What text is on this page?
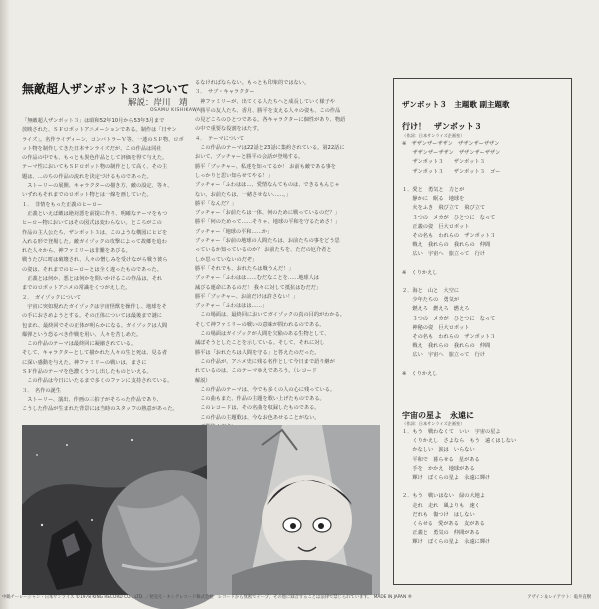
無敵超人ザンボット３について
解説：岸川　靖
OSAMU KISHIKAWA

「無敵超人ザンボット３」は昭和52年10月から53年3月まで

放映された、ＳＦロボットアニメーションである。制作は「日サン

ライズ」。名作ライディーン、コンバトラーＶ等、一連のＳＦ物、ロボ

ット物を制作してきた日本サンライズだが、この作品は同社

の作品の中でも、もっとも異色作品として評価を得て与えた。

テーマ性においてもＳＦロボット物の制作として高く、その主

題は、…のちの作品の流れを決定づけるものであった。

　ストーリーの展開、キャラクターの描き方、敵の設定、等々、

いずれもそれまでのロボット物とは一線を画していた。

１．　非情をもった正義のヒーロー

　正義といえば敵は絶対悪を前提に作り、明確なテーマをもつ

ヒーロー物においてはその図式は変わらない。ところがこの

作品の主人公たち、ザンボット３は、このような構図にヒビを

入れる形で登場した。敵ガイゾックの攻撃によって故郷を追わ

れた人々から、神ファミリーは非難をあびる。

戦うたびに町は破壊され、人々の憎しみを受けながら戦う彼ら

の姿は、それまでのヒーローとは全く違ったものであった。

　正義とは何か、悪とは何かを問いかけるこの作品は、それ

までのロボットアニメの常識をくつがえした。

２．　ガイゾックについて

　宇宙に突如現れたガイゾックは宇宙怪獣を操作し、地球をそ

の手におさめようとする。その正体については最後まで謎に

包まれ、最終回でその正体が明らかになる。ガイゾックは人間

爆弾という恐るべき作戦を用い、人々を苦しめた。

　この作品のテーマは最終回に凝縮されている。

そして、キャラクターとして描かれた人々の生と死は、見る者

に深い感動を与えた。神ファミリーの戦いは、まさに

ＳＦ作品のテーマを色濃くうつし出したものといえる。

　この作品は今日にいたるまで多くのファンに支持されている。

３．　名作の誕生

　ストーリー、演出、作画の三拍子がそろった作品であり、

こうした作品が生まれた背景には当時のスタッフの熱意があった。

るなければならない。もっとも印象的ではない。

３．　サブ・キャラクター

　神ファミリーが、出てくる人たちへと成長していく様子や

、勝平の友人たち、香月、勝平を支える人々の姿も、この作品

の見どころのひとつである。各キャラクターに個性があり、物語

の中で重要な役割をはたす。

４．　テーマについて

　この作品のテーマは22話と23話に集約されている。第22話に

おいて、ブッチャーと勝平の会話が登場する。

勝平「ブッチャー、私達を知ってるか！ お前も敵である事を

しっかりと思い知らせてやる！」

ブッチャー「ふわはは…、愛情なんてものは、できるもんじゃ

ない。お前たちは、一緒させない……。」

勝平「なんだ？」

ブッチャー「お前たちは一体、何のために戦っているのだ？」

勝平「何のためって……そりゃ、地球の平和を守るためさ！」

ブッチャー「地球の平和……か」

ブッチャー「お前の地球の人間たちは、お前たちの事をどう思

っているか知っているのか？ お前たちを、ただの厄介者と

しか思っていないのだぞ」

勝平「それでも、おれたちは戦うんだ！」

ブッチャー「ふわはは……むだなことを……地球人は

滅びる運命にあるのだ！ 我々に対して抵抗はむだだ」

勝平「ブッチャー、お前だけは許さない！」

ブッチャー「ふわははは……」

　この場面は、最終回においてガイゾックの真の目的がわかる。

そして神ファミリーの戦いの意味が問われるのである。

　この場面はガイゾックが人間を欠陥のある生物として、

滅ぼそうとしたことを示している。そして、それに対し

勝平は「おれたちは人間を守る」と答えたのだった。

　この作品が、アニメ史に残る名作として今日まで語り継が

れているのは、このテーマゆえであろう。（レコード

解説）

　この作品のテーマは、今でも多くの人の心に残っている。

　この曲もまた、作品の主題を歌い上げたものである。

　このレコードは、その名曲を収録したものである。

　この作品の主題歌は、今なお色あせることがない。

ザンボット３　主題歌 副主題歌
行け！　ザンボット３
（作詞：日本サンライズ企画室）
※　ザザンザーザザン　ザザンザーザザン
　　ザザンザーザザン　ザザンザーザザン
　　ザンボット３　　ザンボット３
　　ザンボット３　　ザンボット３　ゴー
１．愛と　勇気と　力とが
　　静かに　眠る　地球を
　　火をふき　飛び立て　飛び立て
　　３つの　メカが　ひとつに　なって
　　正義の姿　巨大ロボット
　　その名も　われらの　ザンボット３
　　戦え　我れらの　我れらの　仲間
　　広い　宇宙へ　旅立って　行け
※　くりかえし
２．海と　山と　大空に
　　少年たちの　勇気が
　　燃えろ　燃えろ　燃えろ
　　３つの　メカが　ひとつに　なって
　　神秘の姿　巨大ロボット
　　その名も　われらの　ザンボット３
　　戦え　我れらの　我れらの　仲間
　　広い　宇宙へ　旅立って　行け
※　くりかえし
宇宙の星よ　永遠に
（作詞：日本サンライズ企画室）
１．もう　戦わなくて　いい　宇宙の星よ
　　くりかえし　さよなら　もう　遠くはしない
　　かなしい　涙は　いらない
　　平和で　暮らせる　星がある
　　手を　かかえ　地球がある
　　輝け　ぼくらの星よ　永遠に輝け
２．もう　戦いはない　緑の大地よ
　　走れ　走れ　風よりも　速く
　　だれも　傷つけ　はしない
　　くらせる　愛がある　友がある
　　正義と　勇気の　仲間がある
　　輝け　ぼくらの星よ　永遠に輝け
中鶴チーレージャン・日本サンライズ ©1978 KING RECORD CO., LTD. ／発売元・キングレコード株式会社　レコードから無断でテープ、その他に録音することは法律で禁じられています。　MADE IN JAPAN ®	アザイン＆レイアウト：亀井直樹
